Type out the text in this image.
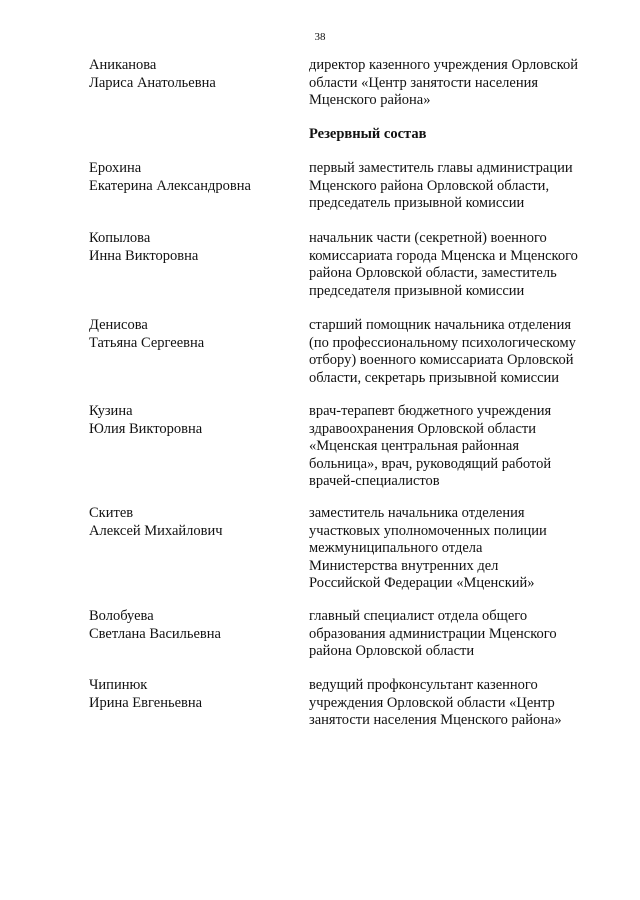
38
Аниканова
Лариса Анатольевна
директор казенного учреждения Орловской
области «Центр занятости населения
Мценского района»
Резервный состав
Ерохина
Екатерина Александровна
первый заместитель главы администрации
Мценского района Орловской области,
председатель призывной комиссии
Копылова
Инна Викторовна
начальник части (секретной) военного
комиссариата города Мценска и Мценского
района Орловской области, заместитель
председателя призывной комиссии
Денисова
Татьяна Сергеевна
старший помощник начальника отделения
(по профессиональному психологическому
отбору) военного комиссариата Орловской
области, секретарь призывной комиссии
Кузина
Юлия Викторовна
врач-терапевт бюджетного учреждения
здравоохранения Орловской области
«Мценская центральная районная
больница», врач, руководящий работой
врачей-специалистов
Скитев
Алексей Михайлович
заместитель начальника отделения
участковых уполномоченных полиции
межмуниципального отдела
Министерства внутренних дел
Российской Федерации «Мценский»
Волобуева
Светлана Васильевна
главный специалист отдела общего
образования администрации Мценского
района Орловской области
Чипинюк
Ирина Евгеньевна
ведущий профконсультант казенного
учреждения Орловской области «Центр
занятости населения Мценского района»
